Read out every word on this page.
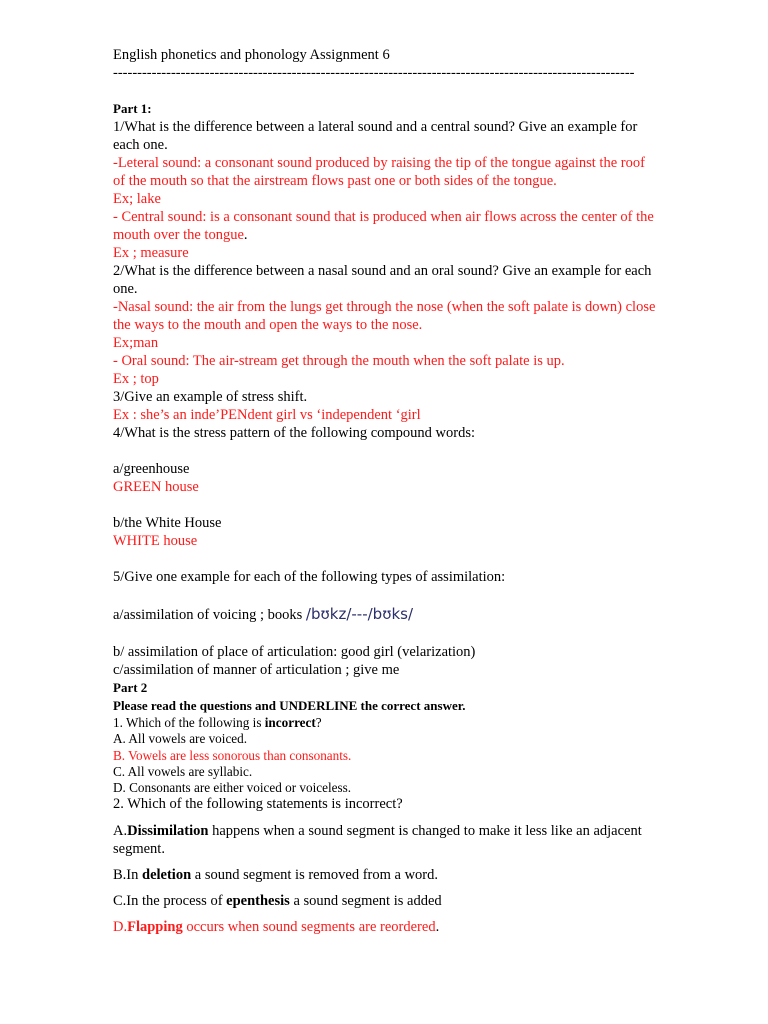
English phonetics and phonology Assignment 6

------------------------------------------------------------------------------------------------------------

Part 1:

1/What is the difference between a lateral sound and a central sound? Give an example for each one.

-Leteral sound: a consonant sound produced by raising the tip of the tongue against the roof of the mouth so that the airstream flows past one or both sides of the tongue.

Ex; lake

- Central sound: is a consonant sound that is produced when air flows across the center of the mouth over the tongue.

Ex ; measure

2/What is the difference between a nasal sound and an oral sound? Give an example for each one.

-Nasal sound: the air from the lungs get through the nose (when the soft palate is down) close the ways to the mouth and open the ways to the nose.

Ex;man

- Oral sound: The air-stream get through the mouth when the soft palate is up.

Ex ; top

3/Give an example of stress shift.

Ex : she’s an inde’PENdent girl vs ‘independent ‘girl

4/What is the stress pattern of the following compound words:

a/greenhouse

GREEN house

b/the White House

WHITE house

5/Give one example for each of the following types of assimilation:

a/assimilation of voicing ; books /bʊkz/---/bʊks/

b/ assimilation of place of articulation: good girl (velarization)

c/assimilation of manner of articulation ; give me

Part 2

Please read the questions and UNDERLINE the correct answer.

1. Which of the following is incorrect?

A. All vowels are voiced.

B. Vowels are less sonorous than consonants.

C. All vowels are syllabic.

D. Consonants are either voiced or voiceless.

2. Which of the following statements is incorrect?

A.Dissimilation happens when a sound segment is changed to make it less like an adjacent segment.

B.In deletion a sound segment is removed from a word.

C.In the process of epenthesis a sound segment is added

D.Flapping occurs when sound segments are reordered.
